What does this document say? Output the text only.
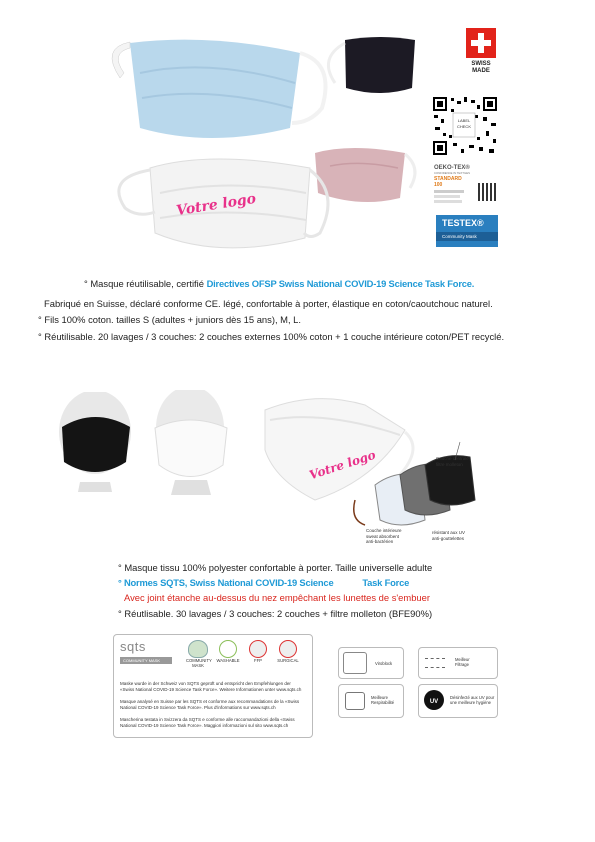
Votre logo
SWISS MADE
LABEL CHECK
OEKO-TEX®
CONFIDENCE IN TEXTILES
STANDARD 100
TESTEX®
Community Mask
° Masque réutilisable, certifié Directives OFSP Swiss National COVID-19 Science Task Force.
Fabriqué en Suisse, déclaré conforme CE. légé, confortable à porter, élastique en coton/caoutchouc naturel.
° Fils 100% coton. tailles S (adultes + juniors dès 15 ans), M, L.
° Réutilisable. 20 lavages / 3 couches: 2 couches externes 100% coton + 1 couche intérieure coton/PET recyclé.
Votre logo	Couche centrale
filtre molleton
Couche intérieure
sweat absorbent
anti-bactérien
résistant aux UV
anti-gouttelettes
° Masque tissu 100% polyester confortable à porter. Taille universelle adulte
° Normes SQTS, Swiss National COVID-19 Science            Task Force
Avec joint étanche au-dessus du nez empêchant les lunettes de s'embuer
° Réutlisable. 30 lavages / 3 couches: 2 couches + filtre molleton (BFE90%)
sqts
COMMUNITY MASK	COMMUNITY MASK
WASHABLE	FFP	SURGICAL
Maske wurde in der Schweiz von SQTS geprüft und entspricht den Empfehlungen der «Swiss National COVID-19 Science Task Force». Weitere Informationen unter www.sqts.ch
Masque analysé en Suisse par les SQTS et conforme aux recommandations de la «Swiss National COVID-19 Science Task Force». Plus d'informations sur www.sqts.ch
Mascherina testata in Svizzera da SQTS e conforme alle raccomandazioni della «Swiss National COVID-19 Science Task Force». Maggiori informazioni sul sito www.sqts.ch
Viroblock
Meilleur
Filtrage
Meilleure
Respirabilité	UV
Désinfecté aux UV pour
une meilleure hygiène
